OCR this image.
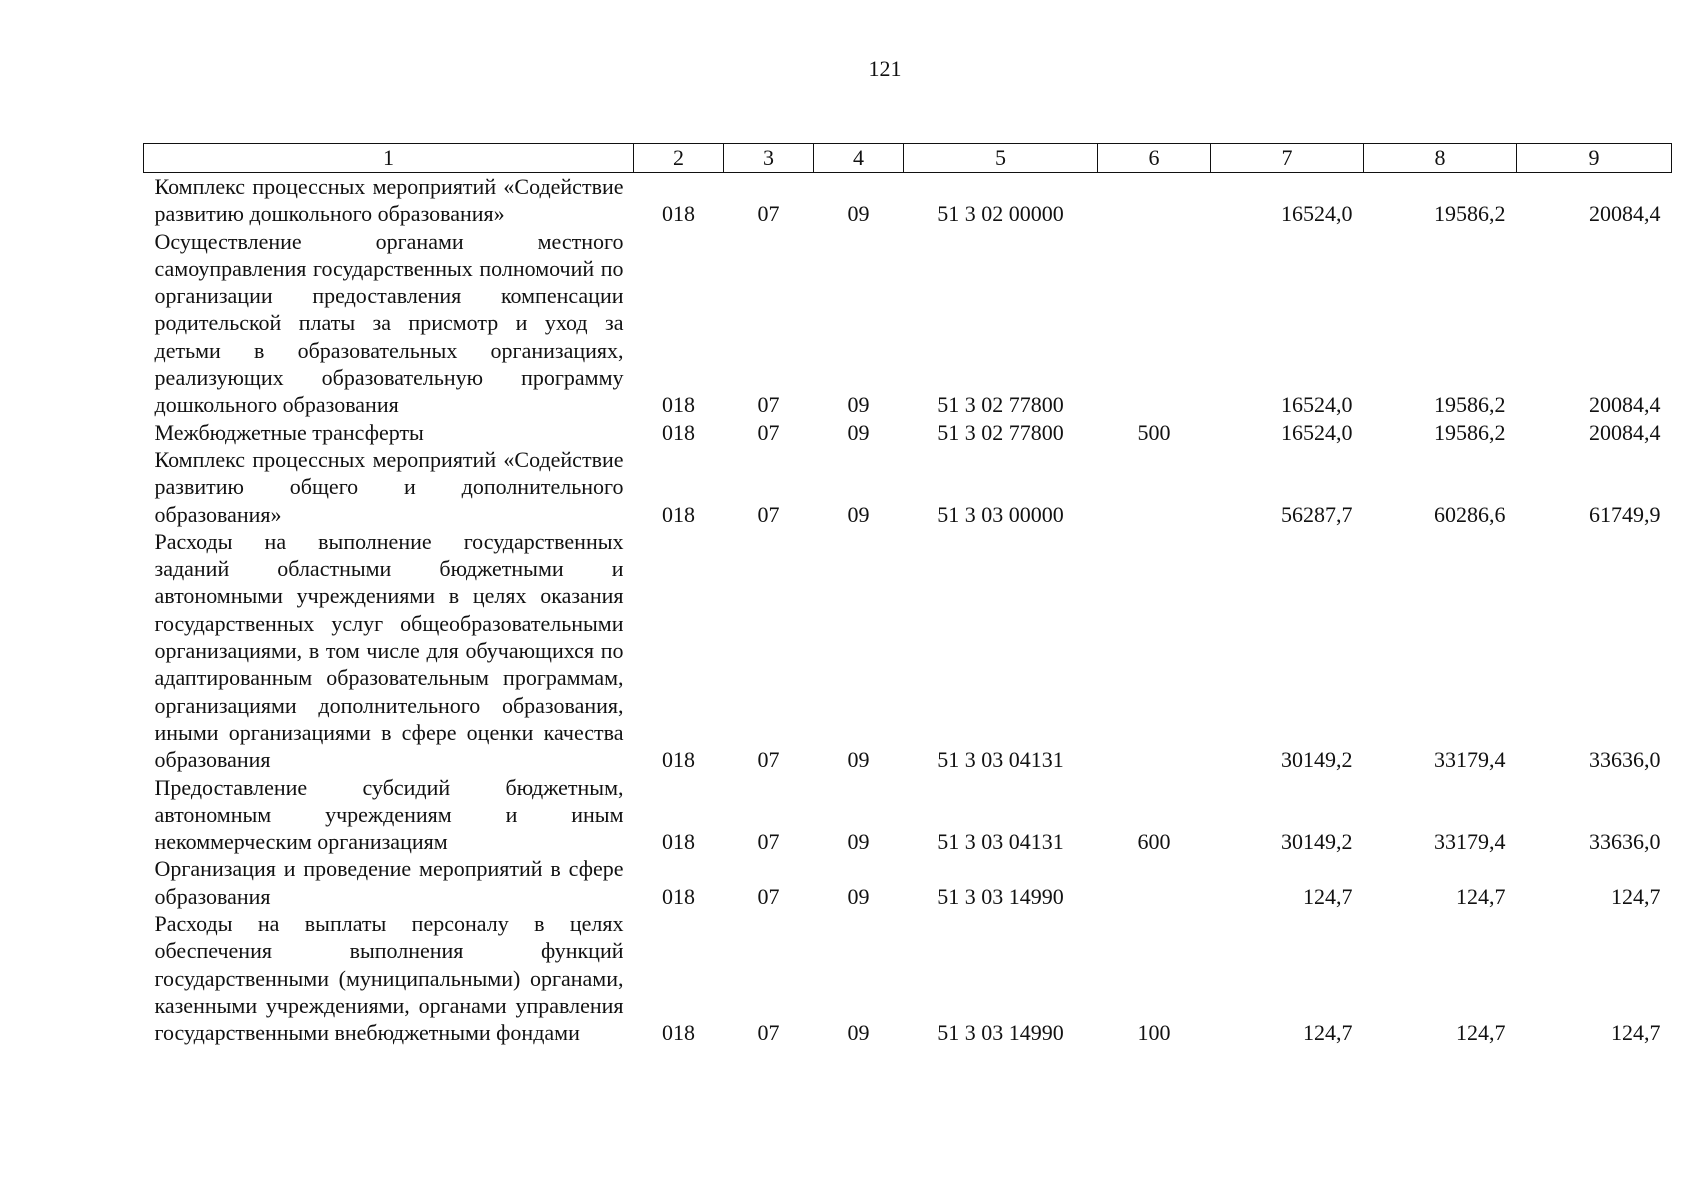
121
1	2	3	4	5	6	7	8	9
Комплекс процессных мероприятий «Содействие развитию дошкольного образования»	018	07	09	51 3 02 00000		16524,0	19586,2	20084,4
Осуществление органами местного самоуправления государственных полномочий по организации предоставления компенсации родительской платы за присмотр и уход за детьми в образовательных организациях, реализующих образовательную программу дошкольного образования	018	07	09	51 3 02 77800		16524,0	19586,2	20084,4
Межбюджетные трансферты	018	07	09	51 3 02 77800	500	16524,0	19586,2	20084,4
Комплекс процессных мероприятий «Содействие развитию общего и дополнительного образования»	018	07	09	51 3 03 00000		56287,7	60286,6	61749,9
Расходы на выполнение государственных заданий областными бюджетными и автономными учреждениями в целях оказания государственных услуг общеобразовательными организациями, в том числе для обучающихся по адаптированным образовательным программам, организациями дополнительного образования, иными организациями в сфере оценки качества образования	018	07	09	51 3 03 04131		30149,2	33179,4	33636,0
Предоставление субсидий бюджетным, автономным учреждениям и иным некоммерческим организациям	018	07	09	51 3 03 04131	600	30149,2	33179,4	33636,0
Организация и проведение мероприятий в сфере образования	018	07	09	51 3 03 14990		124,7	124,7	124,7
Расходы на выплаты персоналу в целях обеспечения выполнения функций государственными (муниципальными) органами, казенными учреждениями, органами управления государственными внебюджетными фондами	018	07	09	51 3 03 14990	100	124,7	124,7	124,7
